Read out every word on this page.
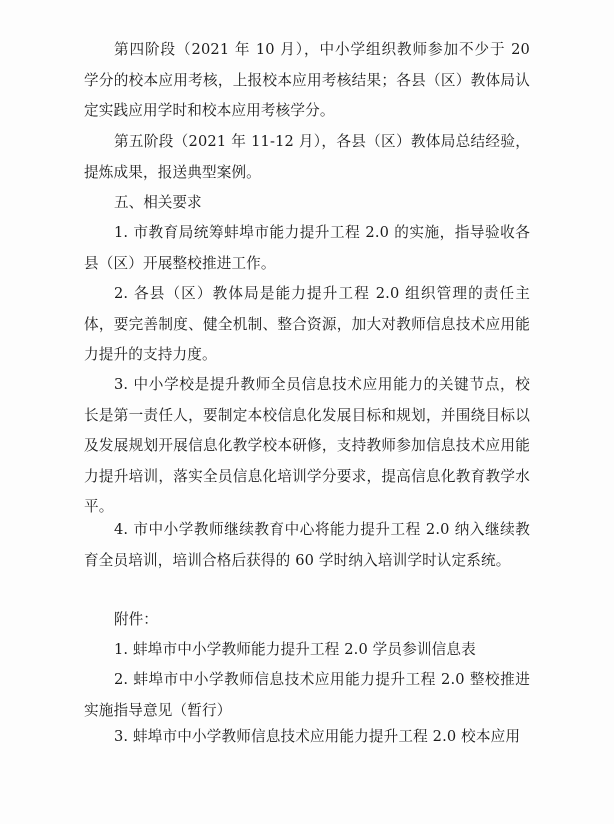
第四阶段（2021 年 10 月），中小学组织教师参加不少于 20 学分的校本应用考核，上报校本应用考核结果；各县（区）教体局认定实践应用学时和校本应用考核学分。

第五阶段（2021 年 11-12 月），各县（区）教体局总结经验，提炼成果，报送典型案例。

五、相关要求

1. 市教育局统筹蚌埠市能力提升工程 2.0 的实施，指导验收各县（区）开展整校推进工作。

2. 各县（区）教体局是能力提升工程 2.0 组织管理的责任主体，要完善制度、健全机制、整合资源，加大对教师信息技术应用能力提升的支持力度。

3. 中小学校是提升教师全员信息技术应用能力的关键节点，校长是第一责任人，要制定本校信息化发展目标和规划，并围绕目标以及发展规划开展信息化教学校本研修，支持教师参加信息技术应用能力提升培训，落实全员信息化培训学分要求，提高信息化教育教学水平。

4. 市中小学教师继续教育中心将能力提升工程 2.0 纳入继续教育全员培训，培训合格后获得的 60 学时纳入培训学时认定系统。

附件：

1. 蚌埠市中小学教师能力提升工程 2.0 学员参训信息表

2. 蚌埠市中小学教师信息技术应用能力提升工程 2.0 整校推进实施指导意见（暂行）

3. 蚌埠市中小学教师信息技术应用能力提升工程 2.0 校本应用
